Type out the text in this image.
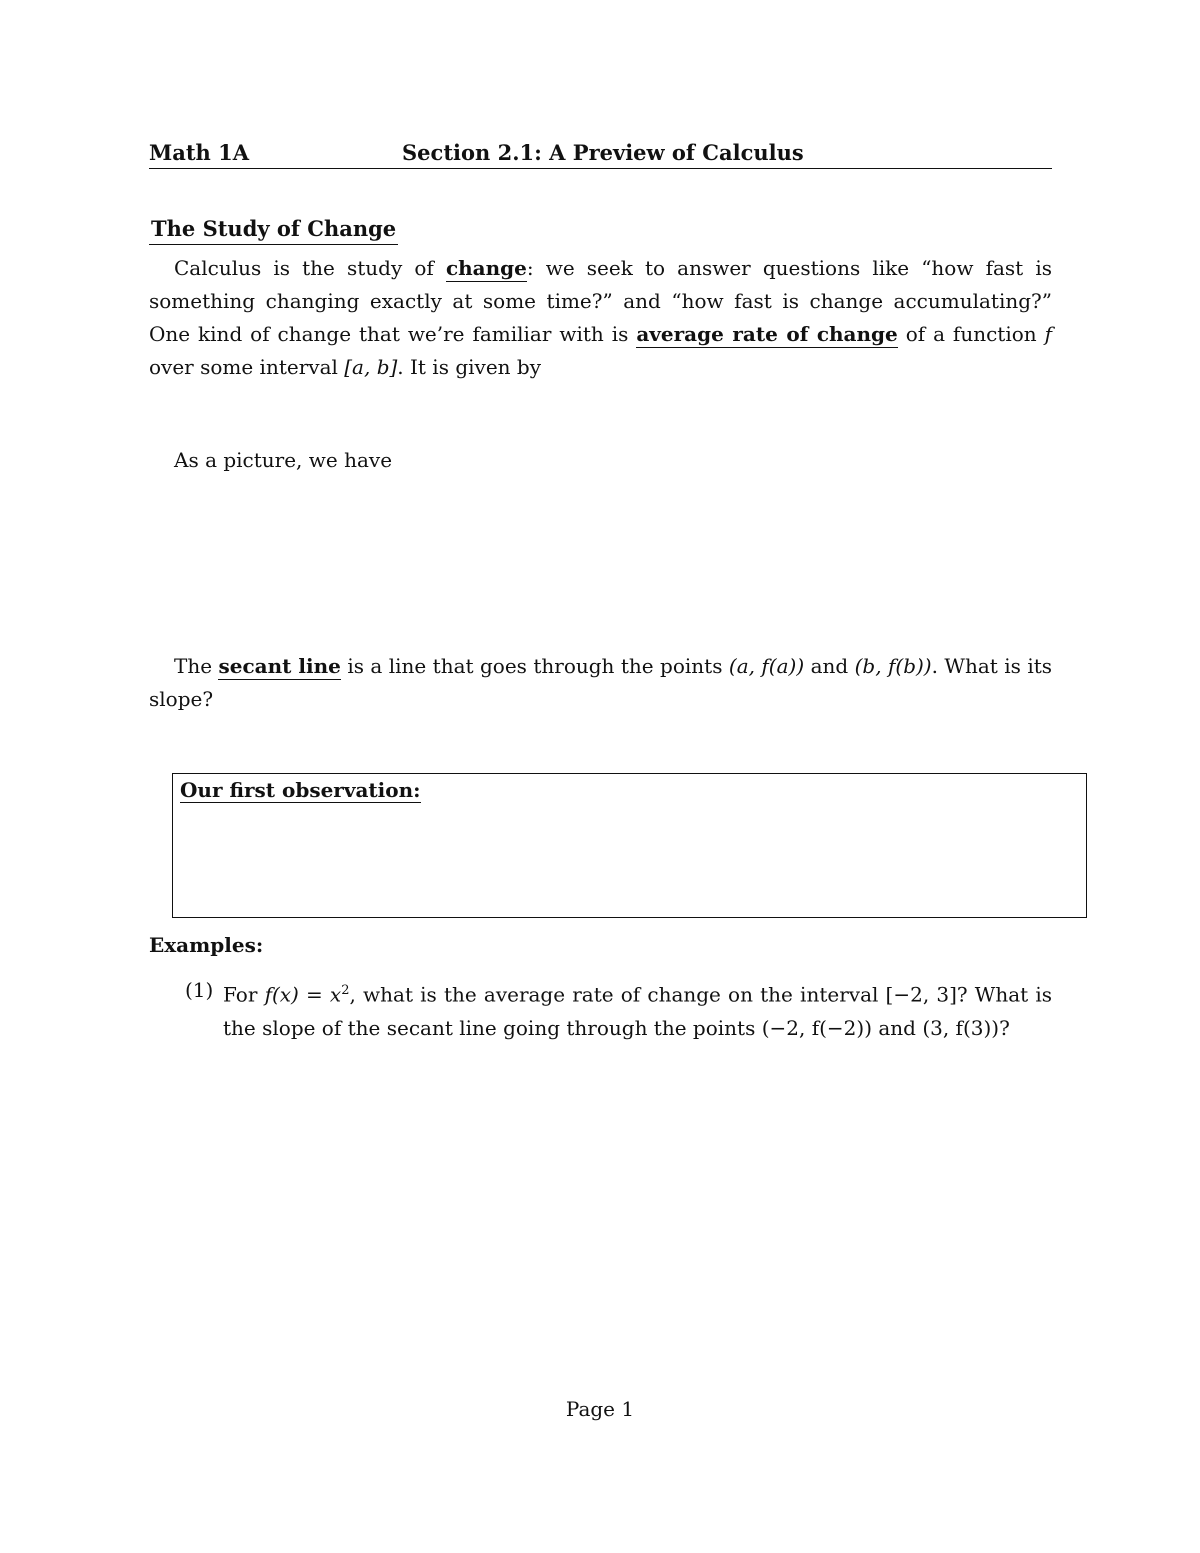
Math 1A	Section 2.1: A Preview of Calculus
The Study of Change
Calculus is the study of change: we seek to answer questions like “how fast is something changing exactly at some time?” and “how fast is change accumulating?” One kind of change that we’re familiar with is average rate of change of a function f over some interval [a, b]. It is given by
As a picture, we have
The secant line is a line that goes through the points (a, f(a)) and (b, f(b)). What is its slope?
Our first observation:
Examples:
(1) For $f(x) = x^2$, what is the average rate of change on the interval [−2, 3]? What is the slope of the secant line going through the points (−2, f(−2)) and (3, f(3))?
Page 1
